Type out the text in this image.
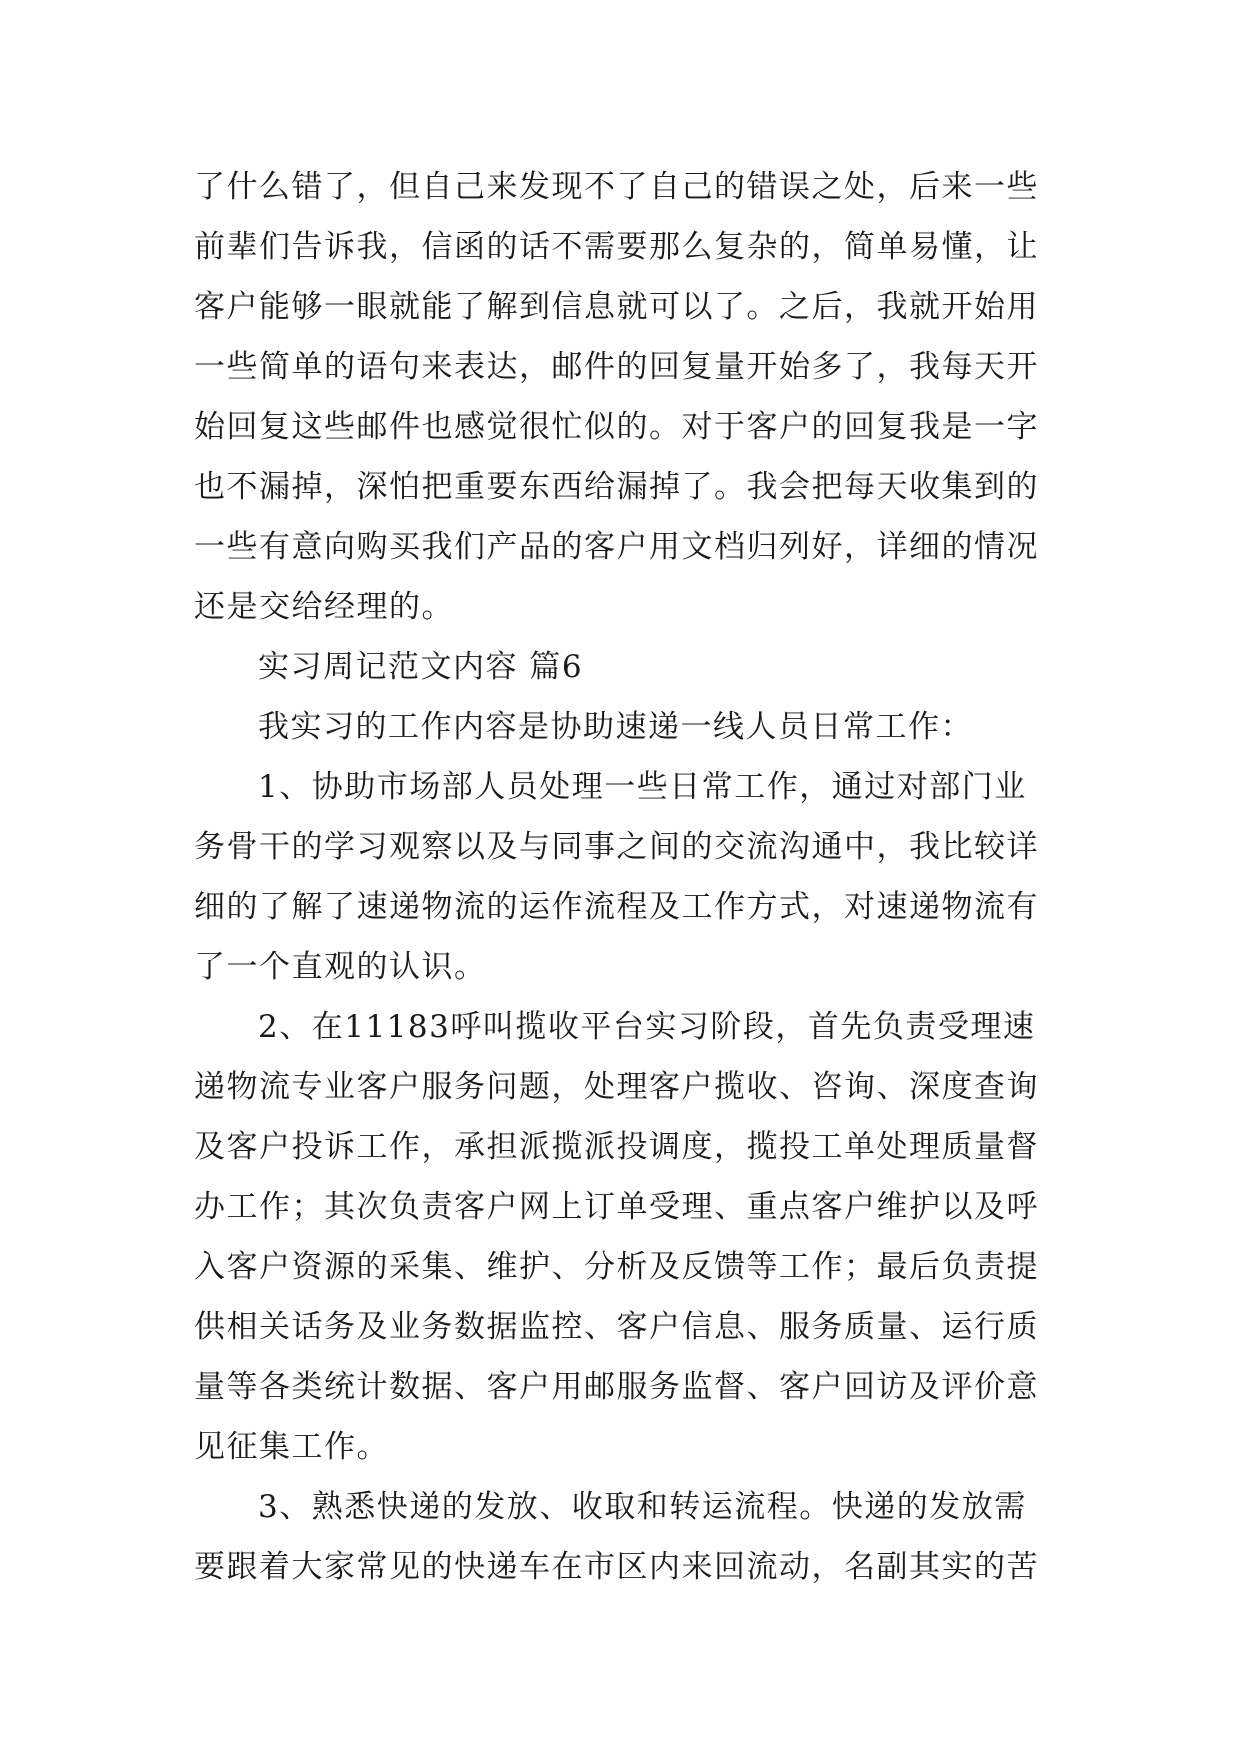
了什么错了，但自己来发现不了自己的错误之处，后来一些
前辈们告诉我，信函的话不需要那么复杂的，简单易懂，让
客户能够一眼就能了解到信息就可以了。之后，我就开始用
一些简单的语句来表达，邮件的回复量开始多了，我每天开
始回复这些邮件也感觉很忙似的。对于客户的回复我是一字
也不漏掉，深怕把重要东西给漏掉了。我会把每天收集到的
一些有意向购买我们产品的客户用文档归列好，详细的情况
还是交给经理的。
实习周记范文内容 篇6
我实习的工作内容是协助速递一线人员日常工作：
1、协助市场部人员处理一些日常工作，通过对部门业
务骨干的学习观察以及与同事之间的交流沟通中，我比较详
细的了解了速递物流的运作流程及工作方式，对速递物流有
了一个直观的认识。
2、在11183呼叫揽收平台实习阶段，首先负责受理速
递物流专业客户服务问题，处理客户揽收、咨询、深度查询
及客户投诉工作，承担派揽派投调度，揽投工单处理质量督
办工作；其次负责客户网上订单受理、重点客户维护以及呼
入客户资源的采集、维护、分析及反馈等工作；最后负责提
供相关话务及业务数据监控、客户信息、服务质量、运行质
量等各类统计数据、客户用邮服务监督、客户回访及评价意
见征集工作。
3、熟悉快递的发放、收取和转运流程。快递的发放需
要跟着大家常见的快递车在市区内来回流动，名副其实的苦
